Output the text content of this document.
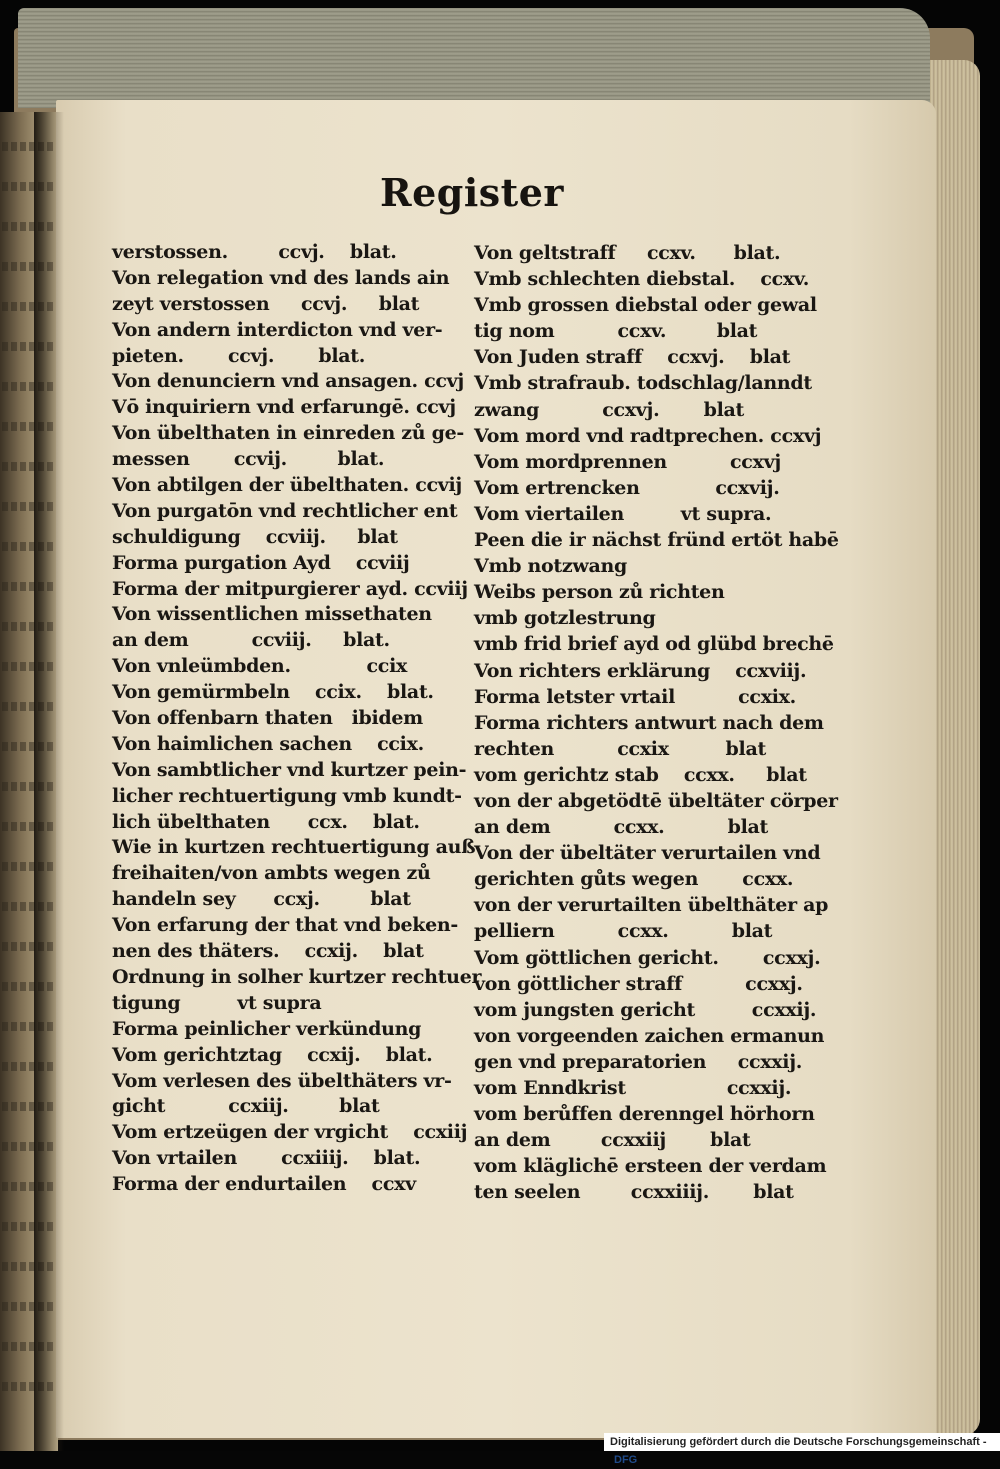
Register
verstossen.        ccvj.    blat.
Von relegation vnd des lands ain
zeyt verstossen     ccvj.     blat
Von andern interdicton vnd ver-
pieten.       ccvj.       blat.
Von denunciern vnd ansagen. ccvj
Vō inquiriern vnd erfarungē. ccvj
Von übelthaten in einreden zů ge-
messen       ccvij.        blat.
Von abtilgen der übelthaten. ccvij
Von purgatōn vnd rechtlicher ent
schuldigung    ccviij.     blat
Forma purgation Ayd    ccviij
Forma der mitpurgierer ayd. ccviij
Von wissentlichen missethaten
an dem          ccviij.     blat.
Von vnleümbden.            ccix
Von gemürmbeln    ccix.    blat.
Von offenbarn thaten   ibidem
Von haimlichen sachen    ccix.
Von sambtlicher vnd kurtzer pein-
licher rechtuertigung vmb kundt-
lich übelthaten      ccx.    blat.
Wie in kurtzen rechtuertigung auß
freihaiten/von ambts wegen zů
handeln sey      ccxj.        blat
Von erfarung der that vnd beken-
nen des thäters.    ccxij.    blat
Ordnung in solher kurtzer rechtuer
tigung         vt supra
Forma peinlicher verkündung
Vom gerichtztag    ccxij.    blat.
Vom verlesen des übelthäters vr-
gicht          ccxiij.        blat
Vom ertzeügen der vrgicht    ccxiij
Von vrtailen       ccxiiij.    blat.
Forma der endurtailen    ccxv
Von geltstraff     ccxv.      blat.
Vmb schlechten diebstal.    ccxv.
Vmb grossen diebstal oder gewal
tig nom          ccxv.        blat
Von Juden straff    ccxvj.    blat
Vmb strafraub. todschlag/lanndt
zwang          ccxvj.       blat
Vom mord vnd radtprechen. ccxvj
Vom mordprennen          ccxvj
Vom ertrencken            ccxvij.
Vom viertailen         vt supra.
Peen die ir nächst fründ ertöt habē
Vmb notzwang
Weibs person zů richten
vmb gotzlestrung
vmb frid brief ayd od glübd brechē
Von richters erklärung    ccxviij.
Forma letster vrtail          ccxix.
Forma richters antwurt nach dem
rechten          ccxix         blat
vom gerichtz stab    ccxx.     blat
von der abgetödtē übeltäter cörper
an dem          ccxx.          blat
Von der übeltäter verurtailen vnd
gerichten gůts wegen       ccxx.
von der verurtailten übelthäter ap
pelliern          ccxx.          blat
Vom göttlichen gericht.       ccxxj.
von göttlicher straff          ccxxj.
vom jungsten gericht         ccxxij.
von vorgeenden zaichen ermanun
gen vnd preparatorien     ccxxij.
vom Enndkrist                ccxxij.
vom berůffen derenngel hörhorn
an dem        ccxxiij       blat
vom kläglichē ersteen der verdam
ten seelen        ccxxiiij.       blat
Digitalisierung gefördert durch die Deutsche Forschungsgemeinschaft - DFG
